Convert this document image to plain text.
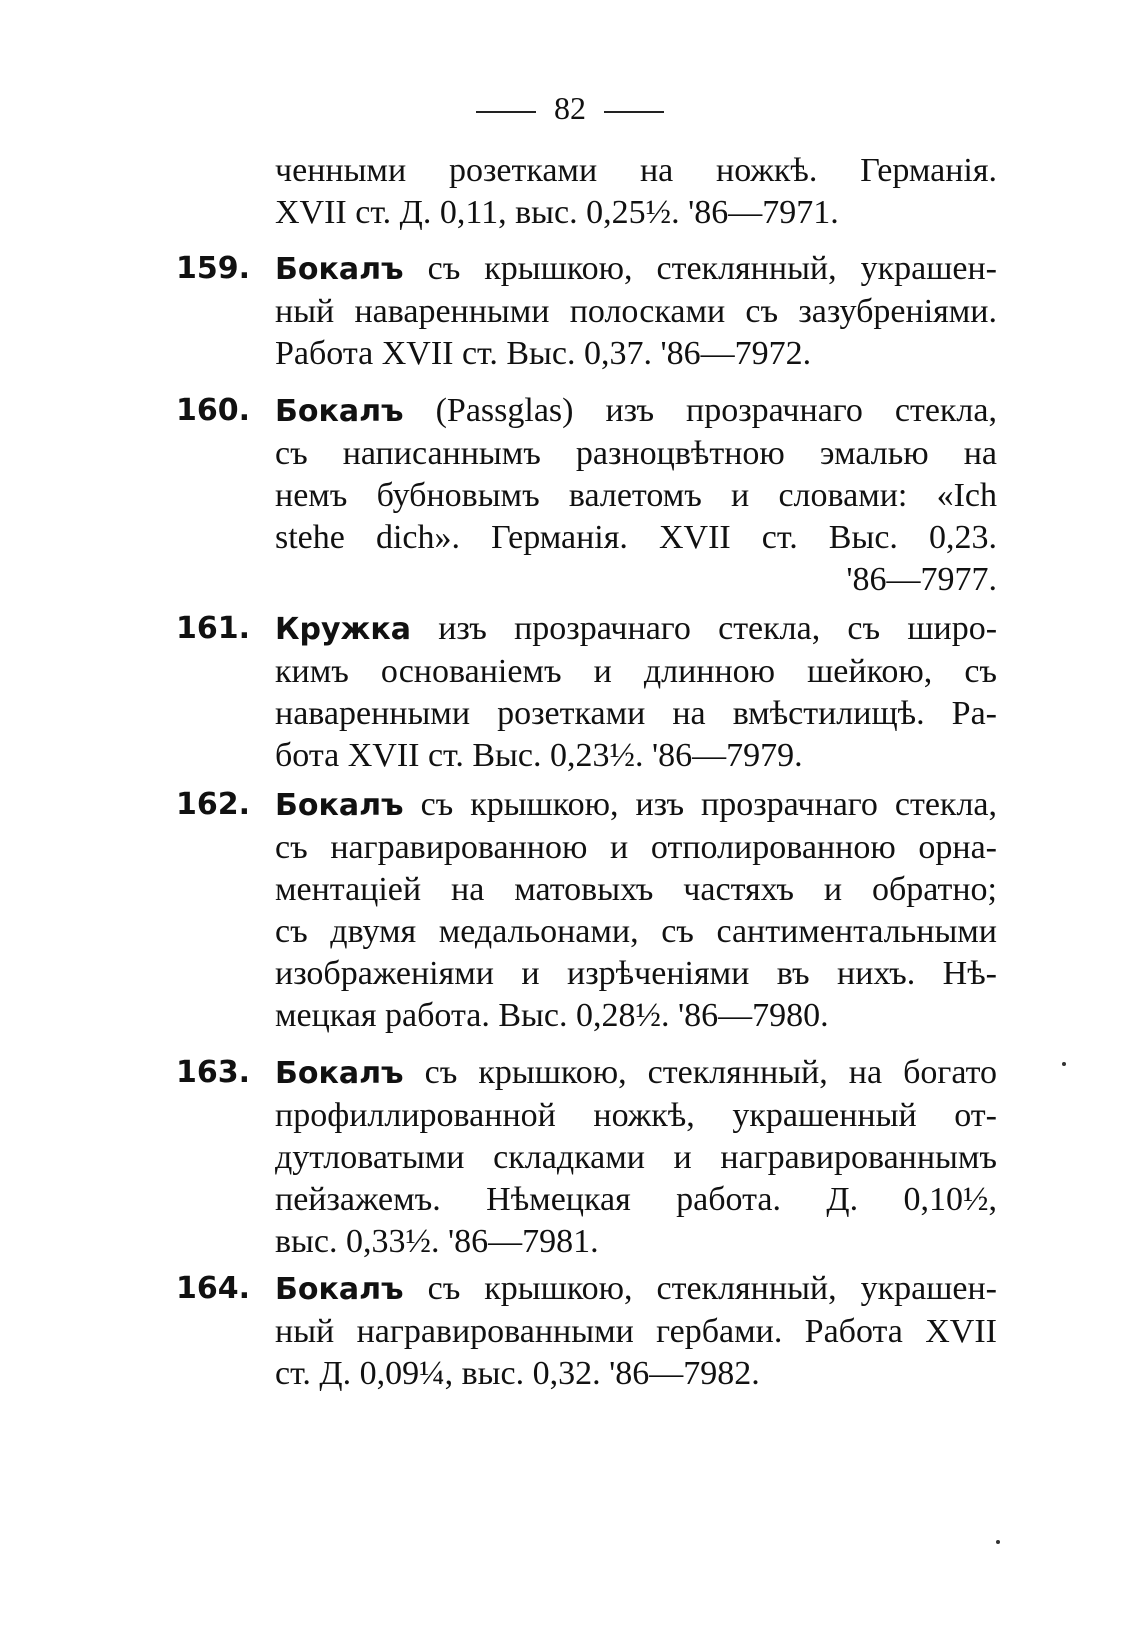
82
ченными розетками на ножкѣ. Германія.
XVII ст. Д. 0,11, выс. 0,25½. '86—7971.
159. Бокалъ съ крышкою, стеклянный, украшен-
ный наваренными полосками съ зазубреніями.
Работа XVII ст. Выс. 0,37. '86—7972.
160. Бокалъ (Passglas) изъ прозрачнаго стекла,
съ написаннымъ разноцвѣтною эмалью на
немъ бубновымъ валетомъ и словами: «Ich
stehe dich». Германія. XVII ст. Выс. 0,23.
'86—7977.
161. Кружка изъ прозрачнаго стекла, съ широ-
кимъ основаніемъ и длинною шейкою, съ
наваренными розетками на вмѣстилищѣ. Ра-
бота XVII ст. Выс. 0,23½. '86—7979.
162. Бокалъ съ крышкою, изъ прозрачнаго стекла,
съ награвированною и отполированною орна-
ментаціей на матовыхъ частяхъ и обратно;
съ двумя медальонами, съ сантиментальными
изображеніями и изрѣченіями въ нихъ. Нѣ-
мецкая работа. Выс. 0,28½. '86—7980.
163. Бокалъ съ крышкою, стеклянный, на богато
профиллированной ножкѣ, украшенный от-
дутловатыми складками и награвированнымъ
пейзажемъ. Нѣмецкая работа. Д. 0,10½,
выс. 0,33½. '86—7981.
164. Бокалъ съ крышкою, стеклянный, украшен-
ный награвированными гербами. Работа XVII
ст. Д. 0,09¼, выс. 0,32. '86—7982.
